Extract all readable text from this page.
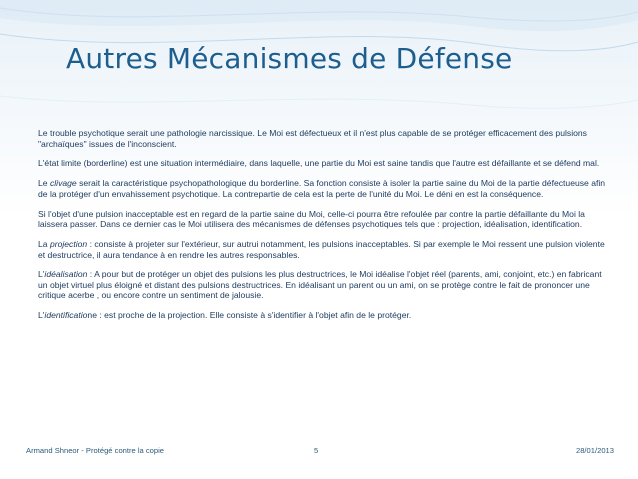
Autres Mécanismes de Défense
Le trouble psychotique serait une pathologie narcissique. Le Moi est défectueux et il n'est plus capable de se protéger efficacement des pulsions "archaïques" issues de l'inconscient.
L'état limite (borderline) est une situation intermédiaire, dans laquelle, une partie du Moi est saine tandis que l'autre est défaillante et se défend mal.
Le clivage serait la caractéristique psychopathologique du borderline. Sa fonction consiste à isoler la partie saine du Moi de la partie défectueuse afin de la protéger d'un envahissement psychotique. La contrepartie de cela est la perte de l'unité du Moi. Le déni en est la conséquence.
Si l'objet d'une pulsion inacceptable est en regard de la partie saine du Moi, celle-ci pourra être refoulée par contre la partie défaillante du Moi la laissera passer. Dans ce dernier cas le Moi utilisera des mécanismes de défenses psychotiques tels que : projection, idéalisation, identification.
La projection : consiste à projeter sur l'extérieur, sur autrui notamment, les pulsions inacceptables. Si par exemple le Moi ressent une pulsion violente et destructrice, il aura tendance à en rendre les autres responsables.
L'idéalisation : A pour but de protéger un objet des pulsions les plus destructrices, le Moi idéalise l'objet réel (parents, ami, conjoint, etc.) en fabricant un objet virtuel plus éloigné et distant des pulsions destructrices. En idéalisant un parent ou un ami, on se protège contre le fait de prononcer une critique acerbe , ou encore contre un sentiment de jalousie.
L'identificatione : est proche de la projection. Elle consiste à s'identifier à l'objet afin de le protéger.
Armand Shneor - Protégé contre la copie	5	28/01/2013
